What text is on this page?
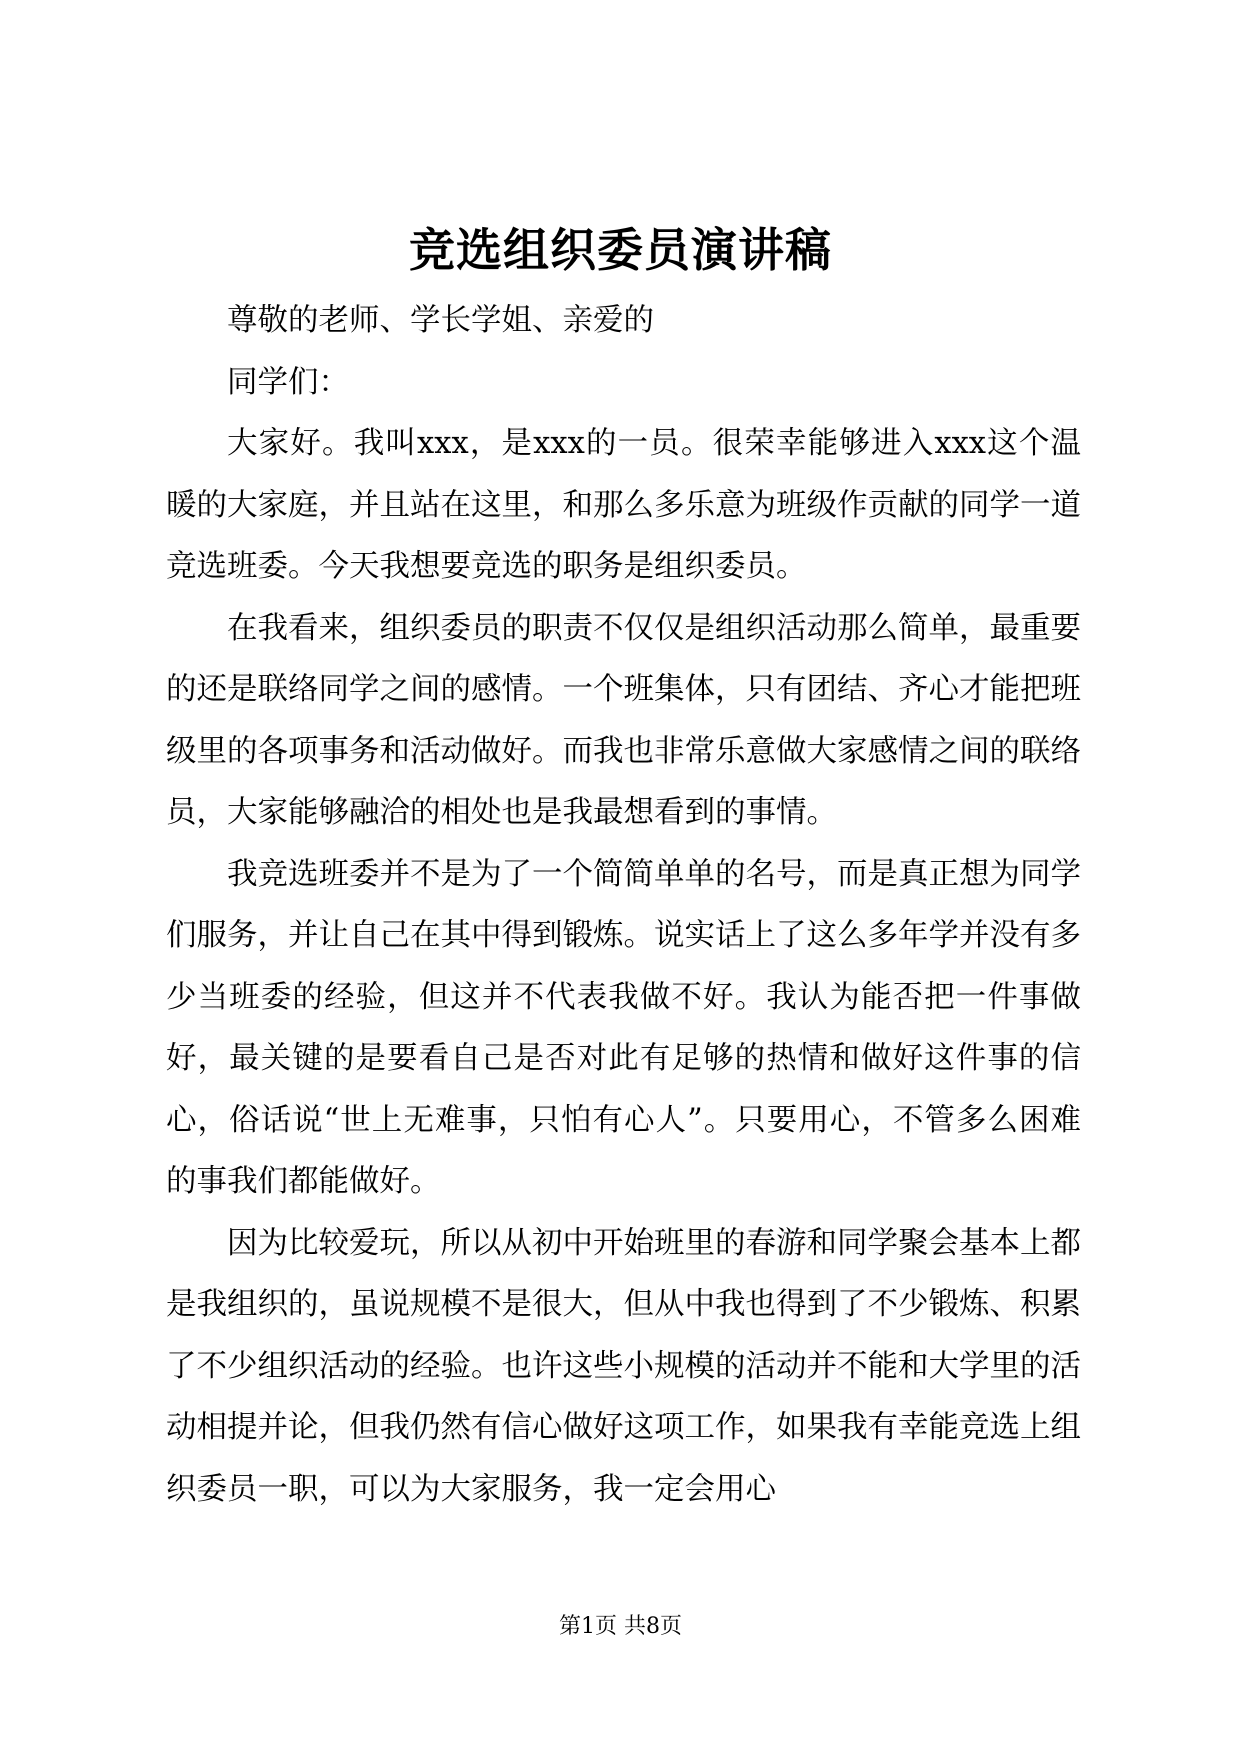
竞选组织委员演讲稿

尊敬的老师、学长学姐、亲爱的

同学们：

大家好。我叫xxx，是xxx的一员。很荣幸能够进入xxx这个温暖的大家庭，并且站在这里，和那么多乐意为班级作贡献的同学一道竞选班委。今天我想要竞选的职务是组织委员。

在我看来，组织委员的职责不仅仅是组织活动那么简单，最重要的还是联络同学之间的感情。一个班集体，只有团结、齐心才能把班级里的各项事务和活动做好。而我也非常乐意做大家感情之间的联络员，大家能够融洽的相处也是我最想看到的事情。

我竞选班委并不是为了一个简简单单的名号，而是真正想为同学们服务，并让自己在其中得到锻炼。说实话上了这么多年学并没有多少当班委的经验，但这并不代表我做不好。我认为能否把一件事做好，最关键的是要看自己是否对此有足够的热情和做好这件事的信心，俗话说“世上无难事，只怕有心人”。只要用心，不管多么困难的事我们都能做好。

因为比较爱玩，所以从初中开始班里的春游和同学聚会基本上都是我组织的，虽说规模不是很大，但从中我也得到了不少锻炼、积累了不少组织活动的经验。也许这些小规模的活动并不能和大学里的活动相提并论，但我仍然有信心做好这项工作，如果我有幸能竞选上组织委员一职，可以为大家服务，我一定会用心

第1页 共8页
